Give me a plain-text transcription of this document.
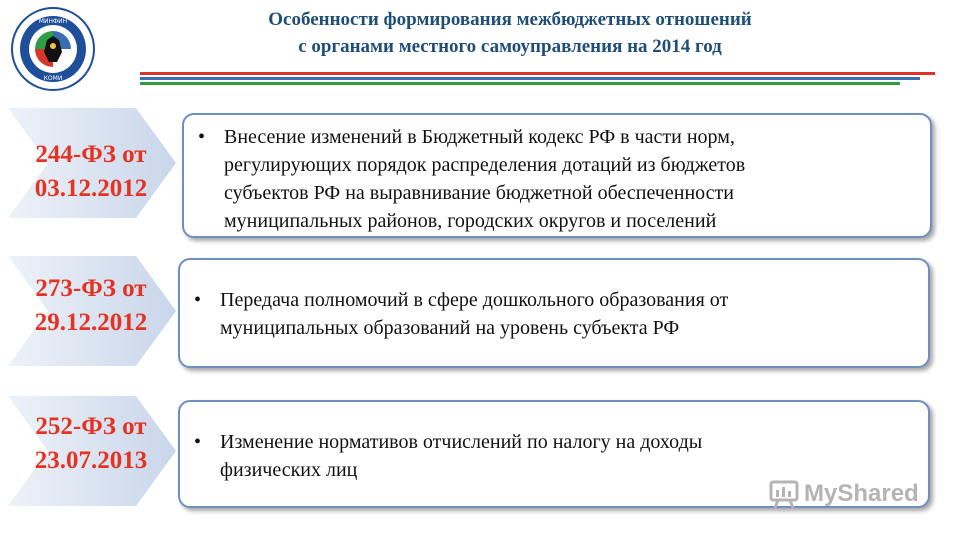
МИНФИН
КОМИ
Особенности формирования межбюджетных отношений
с органами местного самоуправления на 2014 год
244-ФЗ от
03.12.2012
• Внесение изменений в Бюджетный кодекс РФ в части норм,
регулирующих порядок распределения дотаций из бюджетов
субъектов РФ на выравнивание бюджетной обеспеченности
муниципальных районов, городских округов и поселений
273-ФЗ от
29.12.2012
• Передача полномочий в сфере дошкольного образования от
муниципальных образований на уровень субъекта РФ
252-ФЗ от
23.07.2013
• Изменение нормативов отчислений по налогу на доходы
физических лиц
MyShared
